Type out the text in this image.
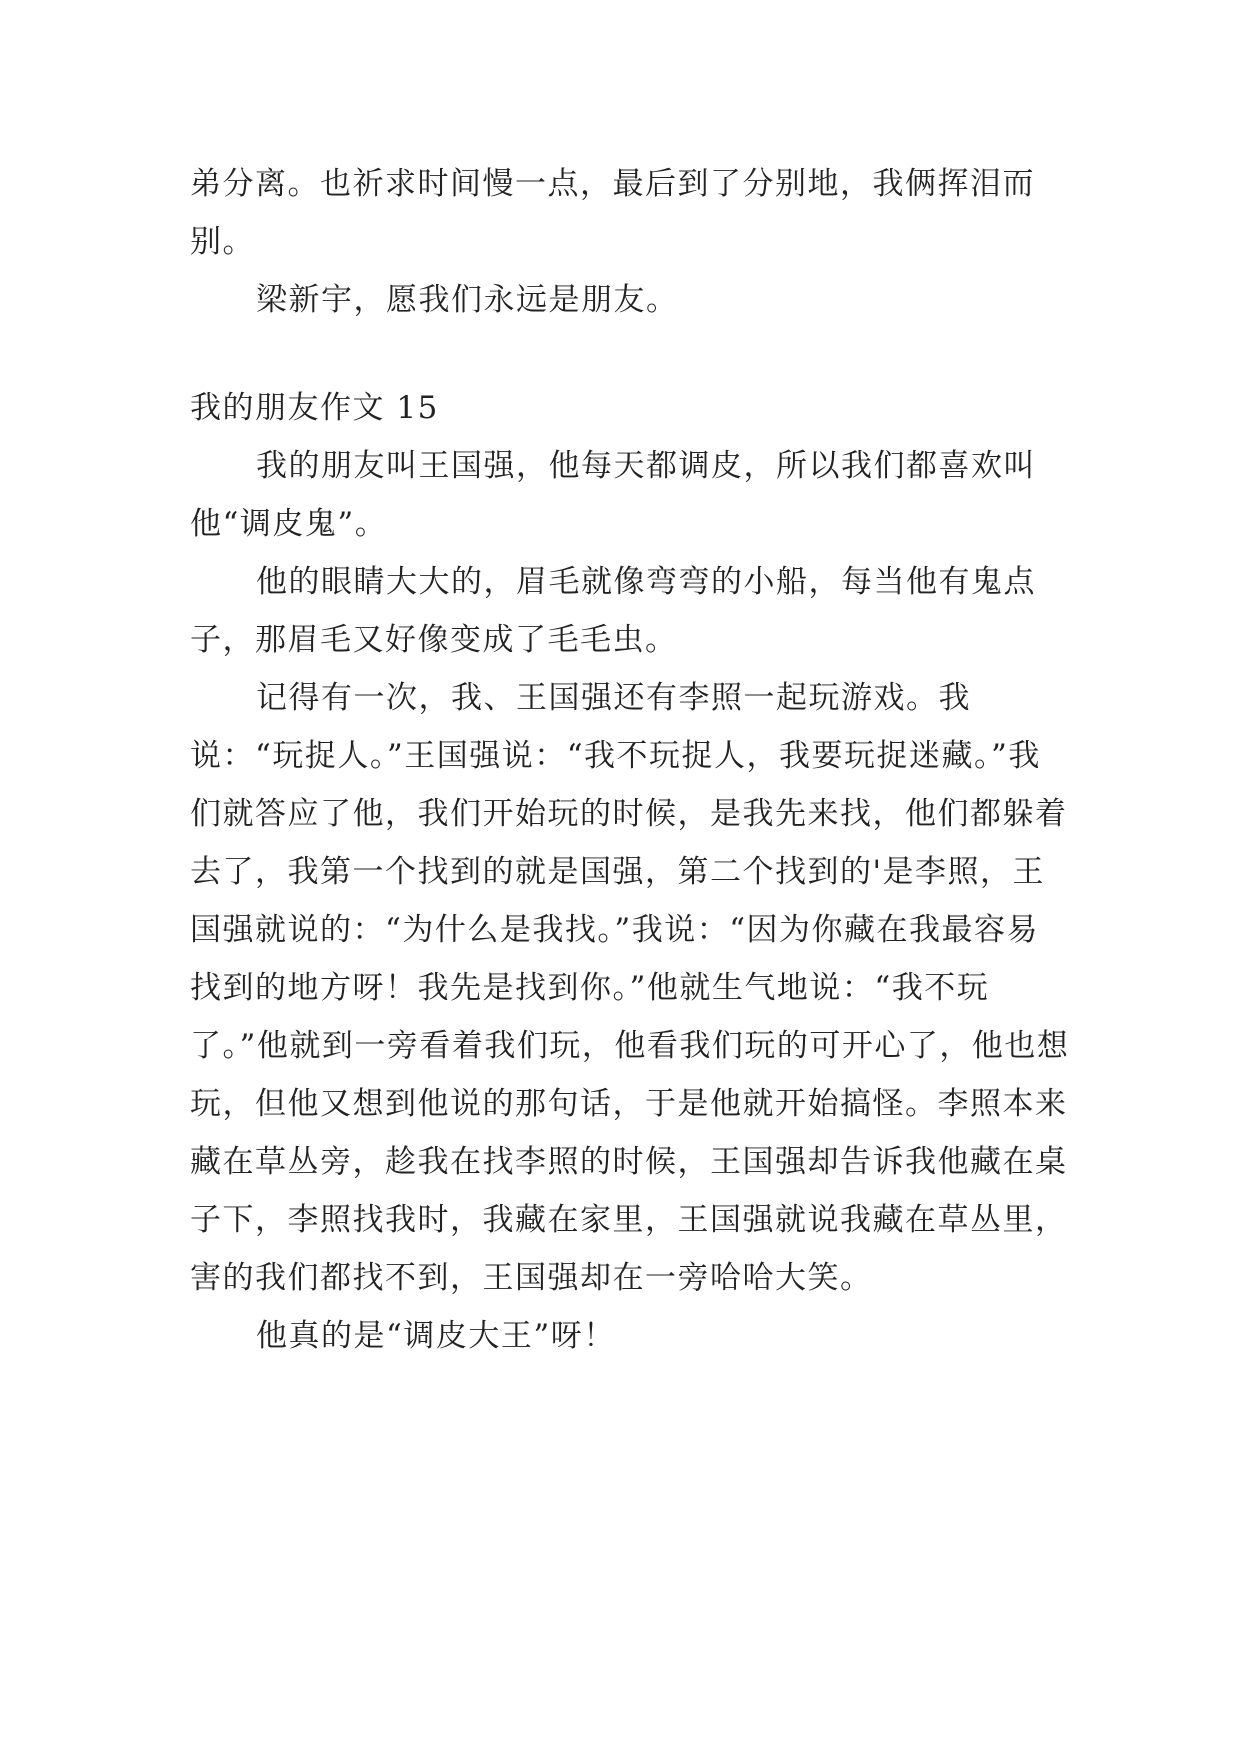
弟分离。也祈求时间慢一点，最后到了分别地，我俩挥泪而别。

梁新宇，愿我们永远是朋友。

我的朋友作文 15

我的朋友叫王国强，他每天都调皮，所以我们都喜欢叫他“调皮鬼”。

他的眼睛大大的，眉毛就像弯弯的小船，每当他有鬼点子，那眉毛又好像变成了毛毛虫。

记得有一次，我、王国强还有李照一起玩游戏。我说：“玩捉人。”王国强说：“我不玩捉人，我要玩捉迷藏。”我们就答应了他，我们开始玩的时候，是我先来找，他们都躲着去了，我第一个找到的就是国强，第二个找到的'是李照，王国强就说的：“为什么是我找。”我说：“因为你藏在我最容易找到的地方呀！我先是找到你。”他就生气地说：“我不玩了。”他就到一旁看着我们玩，他看我们玩的可开心了，他也想玩，但他又想到他说的那句话，于是他就开始搞怪。李照本来藏在草丛旁，趁我在找李照的时候，王国强却告诉我他藏在桌子下，李照找我时，我藏在家里，王国强就说我藏在草丛里，害的我们都找不到，王国强却在一旁哈哈大笑。

他真的是“调皮大王”呀！
